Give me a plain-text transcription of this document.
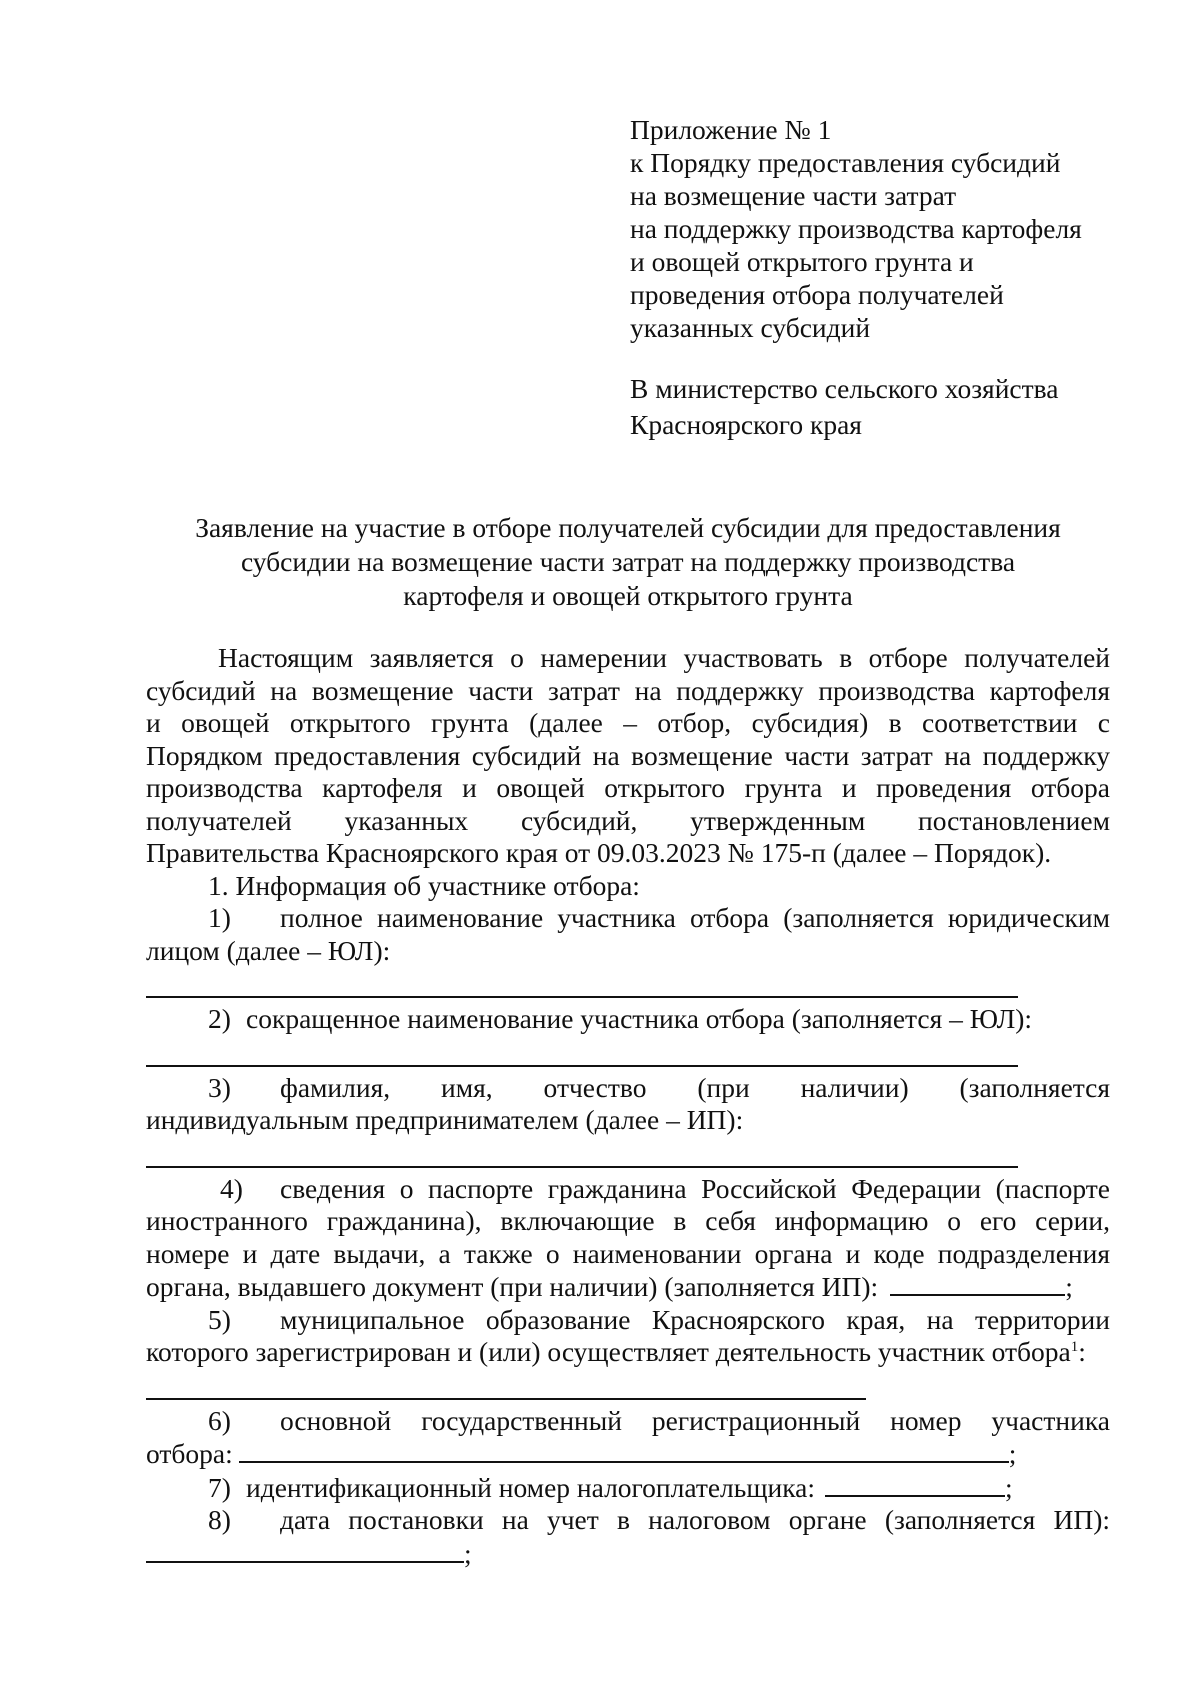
Приложение № 1
к Порядку предоставления субсидий
на возмещение части затрат
на поддержку производства картофеля
и овощей открытого грунта и
проведения отбора получателей
указанных субсидий
В министерство сельского хозяйства
Красноярского края
Заявление на участие в отборе получателей субсидии для предоставления
субсидии на возмещение части затрат на поддержку производства
картофеля и овощей открытого грунта
Настоящим заявляется о намерении участвовать в отборе получателей
субсидий на возмещение части затрат на поддержку производства картофеля
и овощей открытого грунта (далее – отбор, субсидия) в соответствии с
Порядком предоставления субсидий на возмещение части затрат на поддержку
производства картофеля и овощей открытого грунта и проведения отбора
получателей указанных субсидий, утвержденным постановлением
Правительства Красноярского края от 09.03.2023 № 175-п (далее – Порядок).
1. Информация об участнике отбора:
1)	полное наименование участника отбора (заполняется юридическим
лицом (далее – ЮЛ):
2) сокращенное наименование участника отбора (заполняется – ЮЛ):
3)	фамилия, имя, отчество (при наличии) (заполняется
индивидуальным предпринимателем (далее – ИП):
4)	сведения о паспорте гражданина Российской Федерации (паспорте
иностранного гражданина), включающие в себя информацию о его серии,
номере и дате выдачи, а также о наименовании органа и коде подразделения
органа, выдавшего документ (при наличии) (заполняется ИП):	;
5)	муниципальное образование Красноярского края, на территории
которого зарегистрирован и (или) осуществляет деятельность участник отбора$^1$:
6)	основной государственный регистрационный номер участника
отбора:	;
7) идентификационный номер налогоплательщика:	;
8)	дата постановки на учет в налоговом органе (заполняется ИП):
;
